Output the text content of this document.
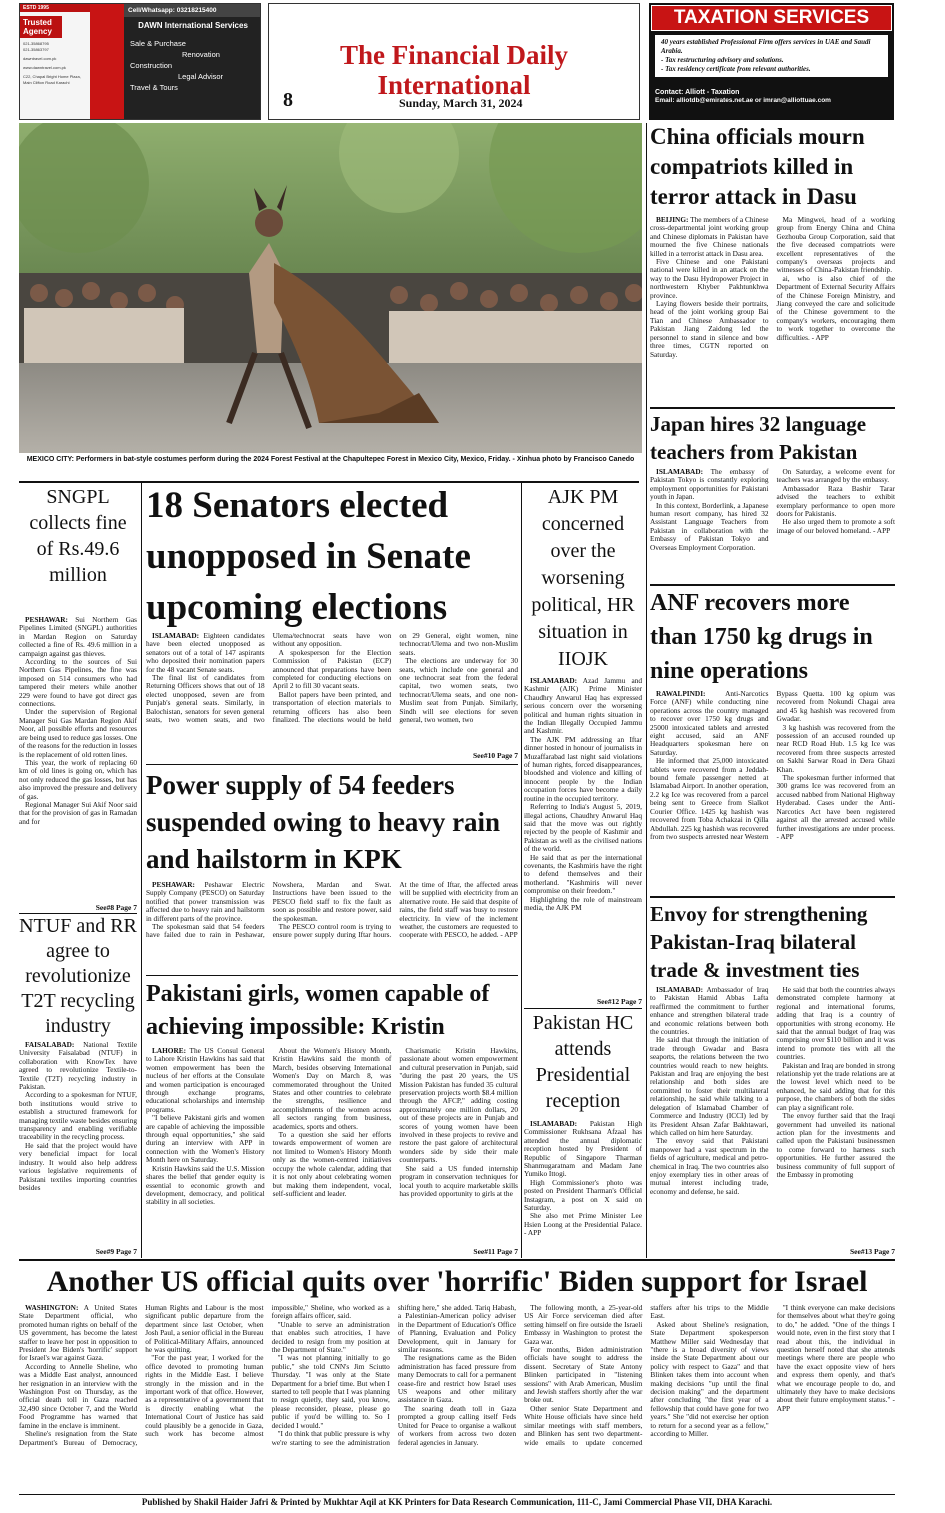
ESTD 1995
Trusted Agency
021-35868795
021-35863797
dawntravel.com.pk
www.dawntravel.com.pk
C22, Chapal Bright Home Plaza, Main Clifton Road Karachi
Cell/Whatsapp: 03218215400
DAWN International Services
Sale & Purchase
Renovation
Construction
Legal Advisor
Travel & Tours
The Financial Daily International
8	Sunday, March 31, 2024
TAXATION SERVICES
40 years established Professional Firm offers services in UAE and Saudi Arabia.
- Tax restructuring advisory and solutions.
- Tax residency certificate from relevant authorities.
Contact: Alliott - Taxation
Email: alliotdb@emirates.net.ae or imran@alliottuae.com
MEXICO CITY: Performers in bat-style costumes perform during the 2024 Forest Festival at the Chapultepec Forest in Mexico City, Mexico, Friday. - Xinhua photo by Francisco Canedo
China officials mourn compatriots killed in terror attack in Dasu

BEIJING: The members of a Chinese cross-departmental joint working group and Chinese diplomats in Pakistan have mourned the five Chinese nationals killed in a terrorist attack in Dasu area.

Five Chinese and one Pakistani national were killed in an attack on the way to the Dasu Hydropower Project in northwestern Khyber Pakhtunkhwa province.

Laying flowers beside their portraits, head of the joint working group Bai Tian and Chinese Ambassador to Pakistan Jiang Zaidong led the personnel to stand in silence and bow three times, CGTN reported on Saturday.

Ma Mingwei, head of a working group from Energy China and China Gezhouba Group Corporation, said that the five deceased compatriots were excellent representatives of the company's overseas projects and witnesses of China-Pakistan friendship.

ai, who is also chief of the Department of External Security Affairs of the Chinese Foreign Ministry, and Jiang conveyed the care and solicitude of the Chinese government to the company's workers, encouraging them to work together to overcome the difficulties. - APP

Japan hires 32 language teachers from Pakistan

ISLAMABAD: The embassy of Pakistan Tokyo is constantly exploring employment opportunities for Pakistani youth in Japan.

In this context, Borderlink, a Japanese human resort company, has hired 32 Assistant Language Teachers from Pakistan in collaboration with the Embassy of Pakistan Tokyo and Overseas Employment Corporation.

On Saturday, a welcome event for teachers was arranged by the embassy.

Ambassador Raza Bashir Tarar advised the teachers to exhibit exemplary performance to open more doors for Pakistanis.

He also urged them to promote a soft image of our beloved homeland. - APP

ANF recovers more than 1750 kg drugs in nine operations

RAWALPINDI:	Anti-Narcotics Force (ANF) while conducting nine operations across the country managed to recover over 1750 kg drugs and 25000 intoxicated tablets and arrested eight accused, said an ANF Headquarters spokesman here on Saturday.

He informed that 25,000 intoxicated tablets were recovered from a Jeddah-bound female passenger netted at Islamabad Airport. In another operation, 2.2 kg Ice was recovered from a parcel being sent to Greece from Sialkot Courier Office. 1425 kg hashish was recovered from Toba Achakzai in Qilla Abdullah. 225 kg hashish was recovered from two suspects arrested near Western Bypass Quetta. 100 kg opium was recovered from Nokundi Chagai area and 45 kg hashish was recovered from Gwadar.

3 kg hashish was recovered from the possession of an accused rounded up near RCD Road Hub. 1.5 kg Ice was recovered from three suspects arrested on Sakhi Sarwar Road in Dera Ghazi Khan.

The spokesman further informed that 300 grams Ice was recovered from an accused nabbed from National Highway Hyderabad. Cases under the Anti-Narcotics Act have been registered against all the arrested accused while further investigations are under process. - APP

Envoy for strengthening Pakistan-Iraq bilateral trade & investment ties

ISLAMABAD: Ambassador of Iraq to Pakistan Hamid Abbas Lafta reaffirmed the commitment to further enhance and strengthen bilateral trade and economic relations between both the countries.

He said that through the initiation of trade through Gwadar and Basra seaports, the relations between the two countries would reach to new heights. Pakistan and Iraq are enjoying the best relationship and both sides are committed to foster their multilateral relationship, he said while talking to a delegation of Islamabad Chamber of Commerce and Industry (ICCI) led by its President Ahsan Zafar Bakhtawari, which called on him here Saturday.

The envoy said that Pakistani manpower had a vast spectrum in the fields of agriculture, medical and petro-chemical in Iraq. The two countries also enjoy exemplary ties in other areas of mutual interest including trade, economy and defense, he said.

He said that both the countries always demonstrated complete harmony at regional and international forums, adding that Iraq is a country of opportunities with strong economy. He said that the annual budget of Iraq was comprising over $110 billion and it was intend to promote ties with all the countries.

Pakistan and Iraq are bonded in strong relationship yet the trade relations are at the lowest level which need to be enhanced, he said adding that for this purpose, the chambers of both the sides can play a significant role.

The envoy further said that the Iraqi government had unveiled its national action plan for the investments and called upon the Pakistani businessmen to come forward to harness such opportunities. He further assured the business community of full support of the Embassy in promoting

See#13 Page 7
SNGPL collects fine of Rs.49.6 million

PESHAWAR: Sui Northern Gas Pipelines Limited (SNGPL) authorities in Mardan Region on Saturday collected a fine of Rs. 49.6 million in a campaign against gas thieves.

According to the sources of Sui Northern Gas Pipelines, the fine was imposed on 514 consumers who had tampered their meters while another 229 were found to have got direct gas connections.

Under the supervision of Regional Manager Sui Gas Mardan Region Akif Noor, all possible efforts and resources are being used to reduce gas losses. One of the reasons for the reduction in losses is the replacement of old rotten lines.

This year, the work of replacing 60 km of old lines is going on, which has not only reduced the gas losses, but has also improved the pressure and delivery of gas.

Regional Manager Sui Akif Noor said that for the provision of gas in Ramadan and for

See#8 Page 7
NTUF and RR agree to revolutionize T2T recycling industry

FAISALABAD: National Textile University Faisalabad (NTUF) in collaboration with KnowTex have agreed to revolutionize Textile-to-Textile (T2T) recycling industry in Pakistan.

According to a spokesman for NTUF, both institutions would strive to establish a structured framework for managing textile waste besides ensuring transparency and enabling verifiable traceability in the recycling process.

He said that the project would have very beneficial impact for local industry. It would also help address various legislative requirements of Pakistani textiles importing countries besides

See#9 Page 7
18 Senators elected unopposed in Senate upcoming elections

ISLAMABAD: Eighteen candidates have been elected unopposed as senators out of a total of 147 aspirants who deposited their nomination papers for the 48 vacant Senate seats.

The final list of candidates from Returning Officers shows that out of 18 elected unopposed, seven are from Punjab's general seats. Similarly, in Balochistan, senators for seven general seats, two women seats, and two Ulema/technocrat seats have won without any opposition.

A spokesperson for the Election Commission of Pakistan (ECP) announced that preparations have been completed for conducting elections on April 2 to fill 30 vacant seats.

Ballot papers have been printed, and transportation of election materials to returning officers has also been finalized. The elections would be held on 29 General, eight women, nine technocrat/Ulema and two non-Muslim seats.

The elections are underway for 30 seats, which include one general and one technocrat seat from the federal capital, two women seats, two technocrat/Ulema seats, and one non-Muslim seat from Punjab. Similarly, Sindh will see elections for seven general, two women, two

See#10 Page 7
Power supply of 54 feeders suspended owing to heavy rain and hailstorm in KPK

PESHAWAR: Peshawar Electric Supply Company (PESCO) on Saturday notified that power transmission was affected due to heavy rain and hailstorm in different parts of the province.

The spokesman said that 54 feeders have failed due to rain in Peshawar, Nowshera, Mardan and Swat. Instructions have been issued to the PESCO field staff to fix the fault as soon as possible and restore power, said the spokesman.

The PESCO control room is trying to ensure power supply during Iftar hours. At the time of Iftar, the affected areas will be supplied with electricity from an alternative route. He said that despite of rains, the field staff was busy to restore electricity. In view of the inclement weather, the customers are requested to cooperate with PESCO, he added. - APP

Pakistani girls, women capable of achieving impossible: Kristin

LAHORE: The US Consul General to Lahore Kristin Hawkins has said that women empowerment has been the nucleus of her efforts at the Consulate and women participation is encouraged through exchange programs, educational scholarships and internship programs.

"I believe Pakistani girls and women are capable of achieving the impossible through equal opportunities," she said during an interview with APP in connection with the Women's History Month here on Saturday.

Kristin Hawkins said the U.S. Mission shares the belief that gender equity is essential to economic growth and development, democracy, and political stability in all societies.

About the Women's History Month, Kristin Hawkins said the month of March, besides observing International Women's Day on March 8, was commemorated throughout the United States and other countries to celebrate the strengths, resilience and accomplishments of the women across all sectors ranging from business, academics, sports and others.

To a question she said her efforts towards empowerment of women are not limited to Women's History Month only as the women-centred initiatives occupy the whole calendar, adding that it is not only about celebrating women but making them independent, vocal, self-sufficient and leader.

Charismatic Kristin Hawkins, passionate about women empowerment and cultural preservation in Punjab, said "during the past 20 years, the US Mission Pakistan has funded 35 cultural preservation projects worth $8.4 million through the AFCP," adding costing approximately one million dollars, 20 out of these projects are in Punjab and scores of young women have been involved in these projects to revive and restore the past galore of architectural wonders side by side their male counterparts.

She said a US funded internship program in conservation techniques for local youth to acquire marketable skills has provided opportunity to girls at the

See#11 Page 7
AJK PM concerned over the worsening political, HR situation in IIOJK

ISLAMABAD: Azad Jammu and Kashmir (AJK) Prime Minister Chaudhry Anwarul Haq has expressed serious concern over the worsening political and human rights situation in the Indian Illegally Occupied Jammu and Kashmir.

The AJK PM addressing an Iftar dinner hosted in honour of journalists in Muzaffarabad last night said violations of human rights, forced disappearances, bloodshed and violence and killing of innocent people by the Indian occupation forces have become a daily routine in the occupied territory.

Referring to India's August 5, 2019, illegal actions, Chaudhry Anwarul Haq said that the move was out rightly rejected by the people of Kashmir and Pakistan as well as the civilised nations of the world.

He said that as per the international covenants, the Kashmiris have the right to defend themselves and their motherland. "Kashmiris will never compromise on their freedom."

Highlighting the role of mainstream media, the AJK PM

See#12 Page 7
Pakistan HC attends Presidential reception

ISLAMABAD: Pakistan High Commissioner Rukhsana Afzaal has attended the annual diplomatic reception hosted by President of Republic of Singapore Tharman Shanmugaratnam and Madam Jane Yumiko Ittogi.

High Commissioner's photo was posted on President Tharman's Official Instagram, a post on X said on Saturday.

She also met Prime Minister Lee Hsien Loong at the Presidential Palace. - APP

Another US official quits over 'horrific' Biden support for Israel

WASHINGTON: A United States State Department official, who promoted human rights on behalf of the US government, has become the latest staffer to leave her post in opposition to President Joe Biden's 'horrific' support for Israel's war against Gaza.

According to Annelle Sheline, who was a Middle East analyst, announced her resignation in an interview with the Washington Post on Thursday, as the official death toll in Gaza reached 32,490 since October 7, and the World Food Programme has warned that famine in the enclave is imminent.

Sheline's resignation from the State Department's Bureau of Democracy, Human Rights and Labour is the most significant public departure from the department since last October, when Josh Paul, a senior official in the Bureau of Political-Military Affairs, announced he was quitting.

"For the past year, I worked for the office devoted to promoting human rights in the Middle East. I believe strongly in the mission and in the important work of that office. However, as a representative of a government that is directly enabling what the International Court of Justice has said could plausibly be a genocide in Gaza, such work has become almost impossible," Sheline, who worked as a foreign affairs officer, said.

"Unable to serve an administration that enables such atrocities, I have decided to resign from my position at the Department of State."

"I was not planning initially to go public," she told CNN's Jim Sciutto Thursday. "I was only at the State Department for a brief time. But when I started to tell people that I was planning to resign quietly, they said, you know, please reconsider, please, please go public if you'd be willing to. So I decided I would."

"I do think that public pressure is why we're starting to see the administration shifting here," she added. Tariq Habash, a Palestinian-American policy adviser in the Department of Education's Office of Planning, Evaluation and Policy Development, quit in January for similar reasons.

The resignations came as the Biden administration has faced pressure from many Democrats to call for a permanent cease-fire and restrict how Israel uses US weapons and other military assistance in Gaza.

The soaring death toll in Gaza prompted a group calling itself Feds United for Peace to organise a walkout of workers from across two dozen federal agencies in January.

The following month, a 25-year-old US Air Force serviceman died after setting himself on fire outside the Israeli Embassy in Washington to protest the Gaza war.

For months, Biden administration officials have sought to address the dissent. Secretary of State Antony Blinken participated in "listening sessions" with Arab American, Muslim and Jewish staffers shortly after the war broke out.

Other senior State Department and White House officials have since held similar meetings with staff members, and Blinken has sent two department-wide emails to update concerned staffers after his trips to the Middle East.

Asked about Sheline's resignation, State Department spokesperson Matthew Miller said Wednesday that "there is a broad diversity of views inside the State Department about our policy with respect to Gaza" and that Blinken takes them into account when making decisions "up until the final decision making" and the department after concluding "the first year of a fellowship that could have gone for two years." She "did not exercise her option to return for a second year as a fellow," according to Miller.

"I think everyone can make decisions for themselves about what they're going to do," he added. "One of the things I would note, even in the first story that I read about this, the individual in question herself noted that she attends meetings where there are people who have the exact opposite view of hers and express them openly, and that's what we encourage people to do, and ultimately they have to make decisions about their future employment status." - APP

Published by Shakil Haider Jafri & Printed by Mukhtar Aqil at KK Printers for Data Research Communication, 111-C, Jami Commercial Phase VII, DHA Karachi.
